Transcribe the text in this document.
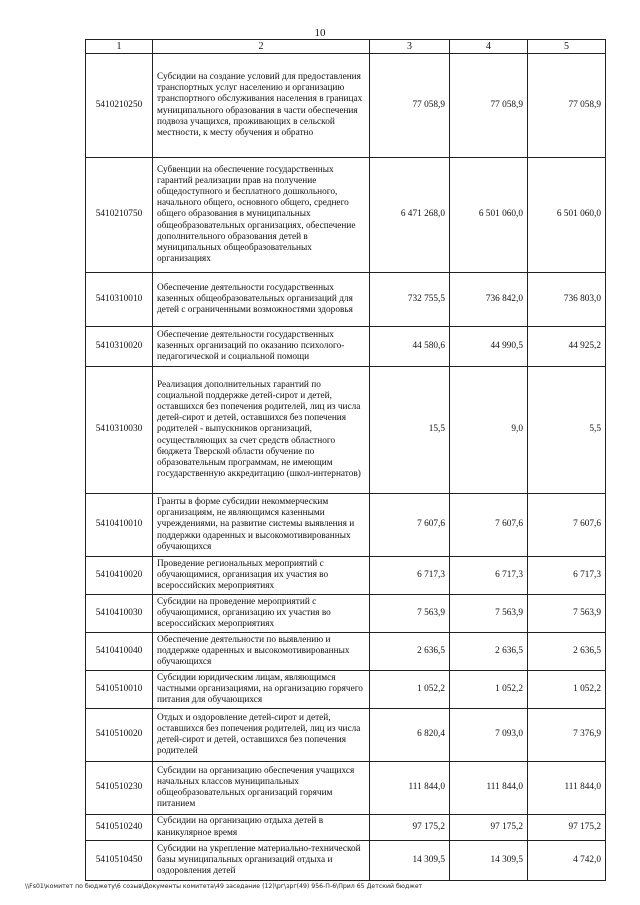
10
1	2	3	4	5
5410210250	Субсидии на создание условий для предоставления транспортных услуг населению и организацию транспортного обслуживания населения в границах муниципального образования в части обеспечения подвоза учащихся, проживающих в сельской местности, к месту обучения и обратно	77 058,9	77 058,9	77 058,9
5410210750	Субвенции на обеспечение государственных гарантий реализации прав на получение общедоступного и бесплатного дошкольного, начального общего, основного общего, среднего общего образования в муниципальных общеобразовательных организациях, обеспечение дополнительного образования детей в муниципальных общеобразовательных организациях	6 471 268,0	6 501 060,0	6 501 060,0
5410310010	Обеспечение деятельности государственных казенных общеобразовательных организаций для детей с ограниченными возможностями здоровья	732 755,5	736 842,0	736 803,0
5410310020	Обеспечение деятельности государственных казенных организаций по оказанию психолого-педагогической и социальной помощи	44 580,6	44 990,5	44 925,2
5410310030	Реализация дополнительных гарантий по социальной поддержке детей-сирот и детей, оставшихся без попечения родителей, лиц из числа детей-сирот и детей, оставшихся без попечения родителей - выпускников организаций, осуществляющих за счет средств областного бюджета Тверской области обучение по образовательным программам, не имеющим государственную аккредитацию (школ-интернатов)	15,5	9,0	5,5
5410410010	Гранты в форме субсидии некоммерческим организациям, не являющимся казенными учреждениями, на развитие системы выявления и поддержки одаренных и высокомотивированных обучающихся	7 607,6	7 607,6	7 607,6
5410410020	Проведение региональных мероприятий с обучающимися, организация их участия во всероссийских мероприятиях	6 717,3	6 717,3	6 717,3
5410410030	Субсидии на проведение мероприятий с обучающимися, организацию их участия во всероссийских мероприятиях	7 563,9	7 563,9	7 563,9
5410410040	Обеспечение деятельности по выявлению и поддержке одаренных и высокомотивированных обучающихся	2 636,5	2 636,5	2 636,5
5410510010	Субсидии юридическим лицам, являющимся частными организациями, на организацию горячего питания для обучающихся	1 052,2	1 052,2	1 052,2
5410510020	Отдых и оздоровление детей-сирот и детей, оставшихся без попечения родителей, лиц из числа детей-сирот и детей, оставшихся без попечения родителей	6 820,4	7 093,0	7 376,9
5410510230	Субсидии на организацию обеспечения учащихся начальных классов муниципальных общеобразовательных организаций горячим питанием	111 844,0	111 844,0	111 844,0
5410510240	Субсидии на организацию отдыха детей в каникулярное время	97 175,2	97 175,2	97 175,2
5410510450	Субсидии на укрепление материально-технической базы муниципальных организаций отдыха и оздоровления детей	14 309,5	14 309,5	4 742,0
\\Fs01\комитет по бюджету\6 созыв\Документы комитета\49 заседание (12)\рг\зрг(49) 956-П-6\Прил 65 Детский бюджет
